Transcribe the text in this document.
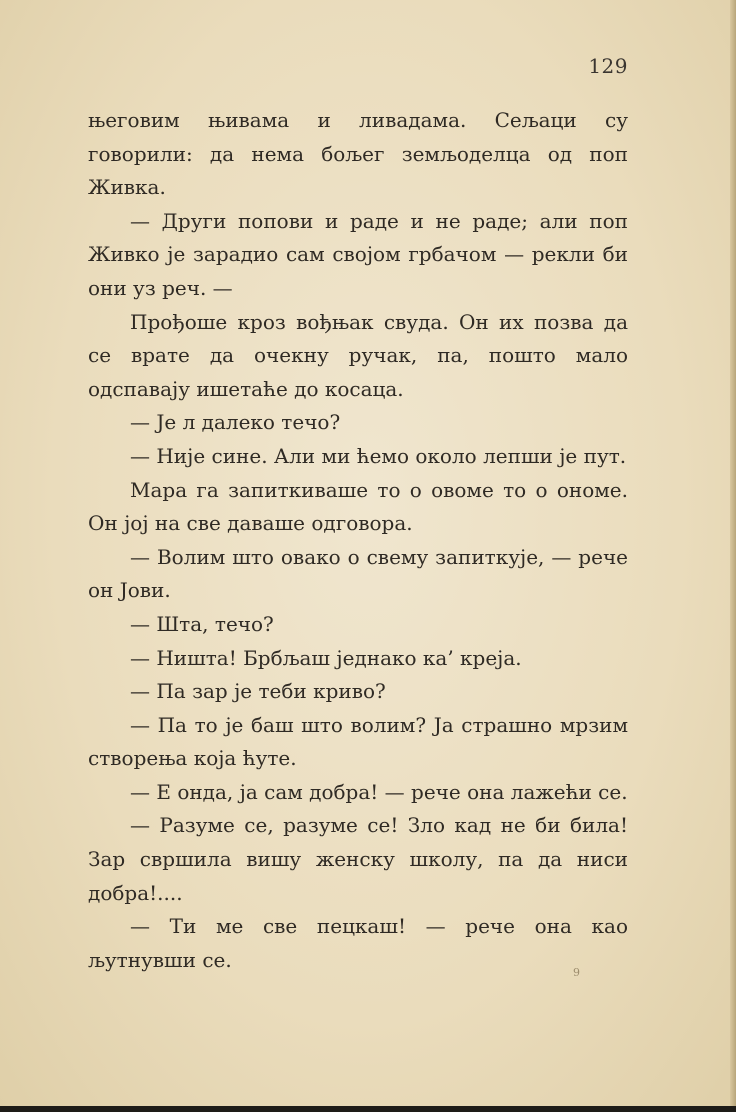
129

његовим њивама и ливадама. Сељаци су говорили: да нема бољег земљоделца од поп Живка.

— Други попови и раде и не раде; али поп Живко је зарадио сам својом грбачом — рекли би они уз реч. —

Прођоше кроз вођњак свуда. Он их позва да се врате да очекну ручак, па, пошто мало одспавају ишетаће до косаца.

— Је л далеко течо?

— Није сине. Али ми ћемо около лепши је пут.

Мара га запиткиваше то о овоме то о ономе. Он јој на све даваше одговора.

— Волим што овако о свему запиткује, — рече он Јови.

— Шта, течо?

— Ништа! Брбљаш једнако ка’ креја.

— Па зар је теби криво?

— Па то је баш што волим? Ја страшно мрзим створења која ћуте.

— Е онда, ја сам добра! — рече она лажећи се.

— Разуме се, разуме се! Зло кад не би била! Зар свршила вишу женску школу, па да ниси добра!....

— Ти ме све пецкаш! — рече она као љутнувши се.

9
